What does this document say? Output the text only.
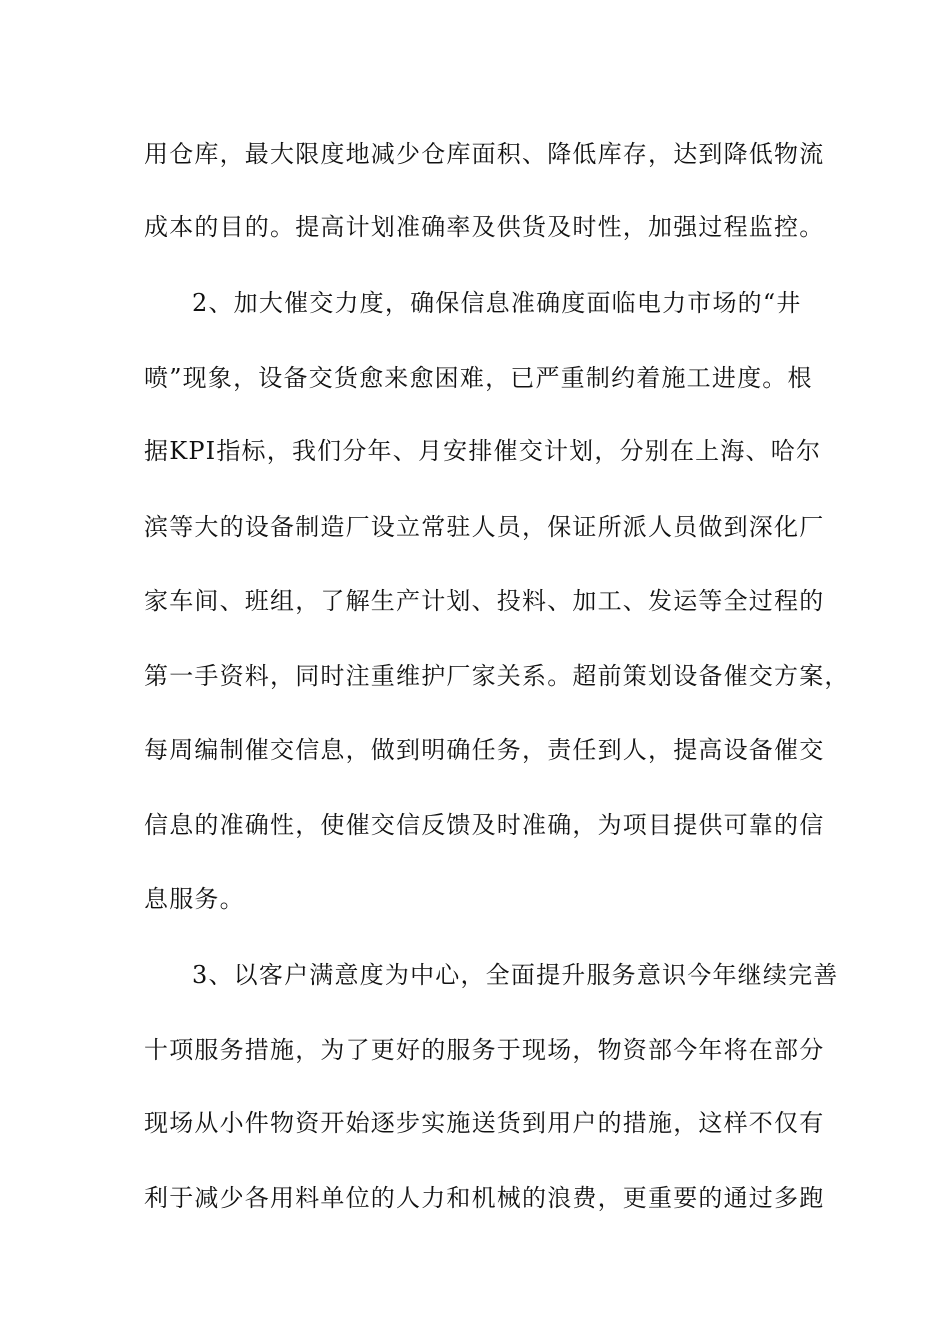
用仓库，最大限度地减少仓库面积、降低库存，达到降低物流
成本的目的。提高计划准确率及供货及时性，加强过程监控。
2、加大催交力度，确保信息准确度面临电力市场的“井
喷”现象，设备交货愈来愈困难，已严重制约着施工进度。根
据KPI指标，我们分年、月安排催交计划，分别在上海、哈尔
滨等大的设备制造厂设立常驻人员，保证所派人员做到深化厂
家车间、班组，了解生产计划、投料、加工、发运等全过程的
第一手资料，同时注重维护厂家关系。超前策划设备催交方案，
每周编制催交信息，做到明确任务，责任到人，提高设备催交
信息的准确性，使催交信反馈及时准确，为项目提供可靠的信
息服务。
3、以客户满意度为中心，全面提升服务意识今年继续完善
十项服务措施，为了更好的服务于现场，物资部今年将在部分
现场从小件物资开始逐步实施送货到用户的措施，这样不仅有
利于减少各用料单位的人力和机械的浪费，更重要的通过多跑
